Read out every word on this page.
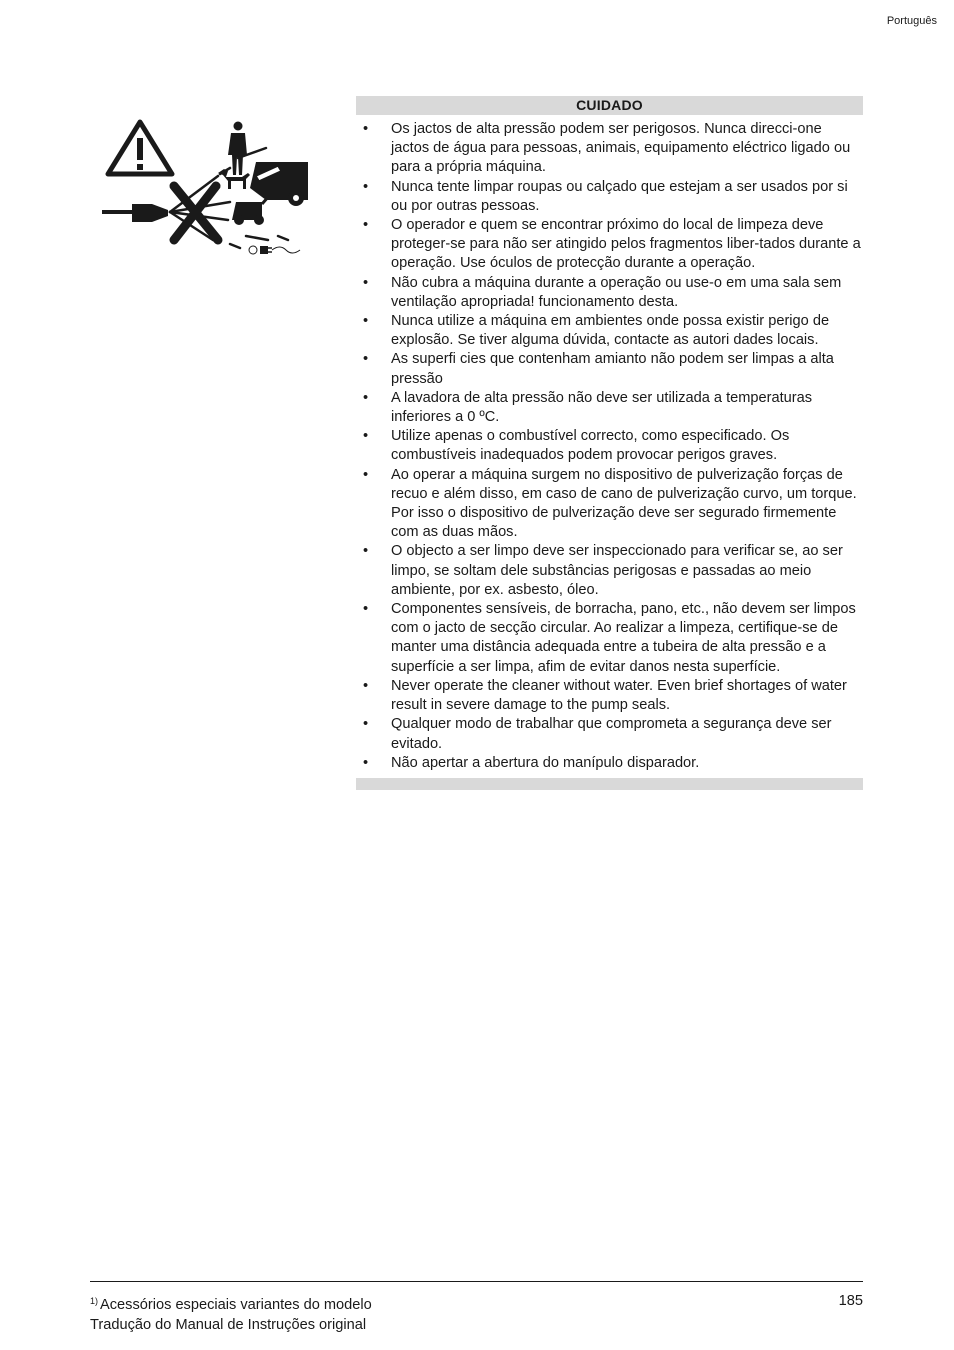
Português
CUIDADO
• Os jactos de alta pressão podem ser perigosos. Nunca direcci-one jactos de água para pessoas, animais, equipamento eléctrico ligado ou para a própria máquina.
• Nunca tente limpar roupas ou calçado que estejam a ser usados por si ou por outras pessoas.
• O operador e quem se encontrar próximo do local de limpeza deve proteger-se para não ser atingido pelos fragmentos liber-tados durante a operação. Use óculos de protecção durante a operação.
• Não cubra a máquina durante a operação ou use-o em uma sala sem ventilação apropriada! funcionamento desta.
• Nunca utilize a máquina em ambientes onde possa existir perigo de explosão. Se tiver alguma dúvida, contacte as autori dades locais.
• As superfi cies que contenham amianto não podem ser limpas a alta pressão
• A lavadora de alta pressão não deve ser utilizada a temperaturas inferiores a 0 ºC.
• Utilize apenas o combustível correcto, como especificado. Os combustíveis inadequados podem provocar perigos graves.
• Ao operar a máquina surgem no dispositivo de pulverização forças de recuo e além disso, em caso de cano de pulverização curvo, um torque. Por isso o dispositivo de pulverização deve ser segurado firmemente com as duas mãos.
• O objecto a ser limpo deve ser inspeccionado para verificar se, ao ser limpo, se soltam dele substâncias perigosas e passadas ao meio ambiente, por ex. asbesto, óleo.
• Componentes sensíveis, de borracha, pano, etc., não devem ser limpos com o jacto de secção circular. Ao realizar a limpeza, certifique-se de manter uma distância adequada entre a tubeira de alta pressão e a superfície a ser limpa, afim de evitar danos nesta superfície.
• Never operate the cleaner without water. Even brief shortages of water result in severe damage to the pump seals.
• Qualquer modo de trabalhar que comprometa a segurança deve ser evitado.
• Não apertar a abertura do manípulo disparador.
$^{1)}$ Acessórios especiais variantes do modelo
Tradução do Manual de Instruções original
185
